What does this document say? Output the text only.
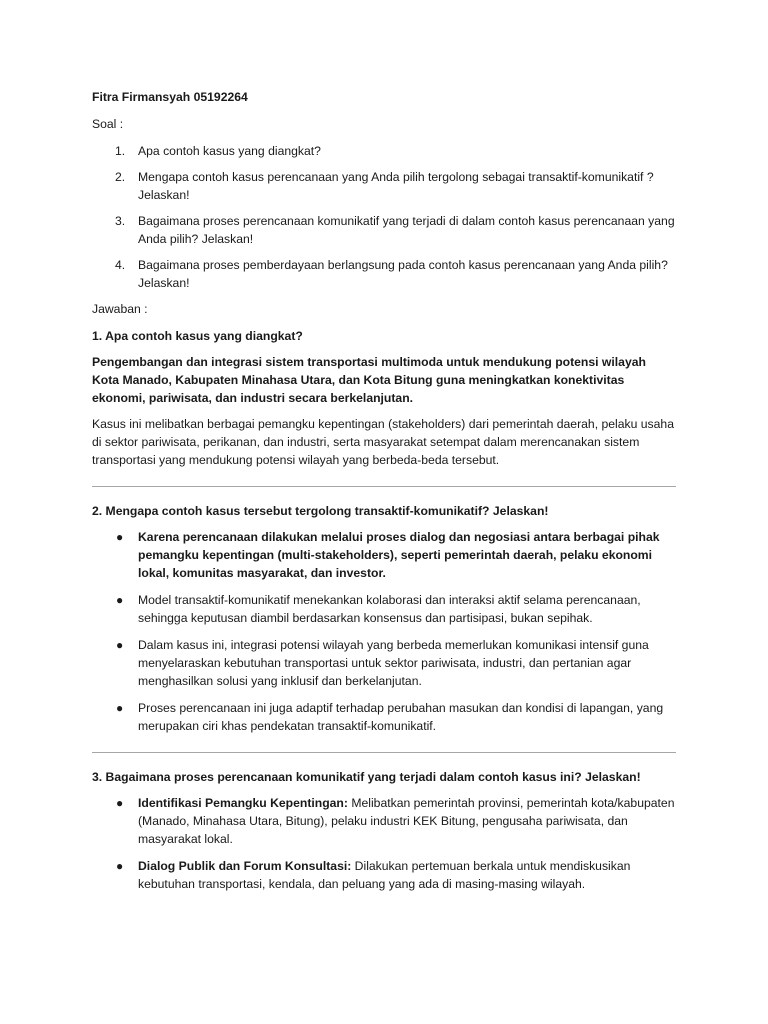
Fitra Firmansyah 05192264

Soal :

1. Apa contoh kasus yang diangkat?
2. Mengapa contoh kasus perencanaan yang Anda pilih tergolong sebagai transaktif-komunikatif ? Jelaskan!
3. Bagaimana proses perencanaan komunikatif yang terjadi di dalam contoh kasus perencanaan yang Anda pilih? Jelaskan!
4. Bagaimana proses pemberdayaan berlangsung pada contoh kasus perencanaan yang Anda pilih? Jelaskan!

Jawaban :

1. Apa contoh kasus yang diangkat?

Pengembangan dan integrasi sistem transportasi multimoda untuk mendukung potensi wilayah Kota Manado, Kabupaten Minahasa Utara, dan Kota Bitung guna meningkatkan konektivitas ekonomi, pariwisata, dan industri secara berkelanjutan.

Kasus ini melibatkan berbagai pemangku kepentingan (stakeholders) dari pemerintah daerah, pelaku usaha di sektor pariwisata, perikanan, dan industri, serta masyarakat setempat dalam merencanakan sistem transportasi yang mendukung potensi wilayah yang berbeda-beda tersebut.

2. Mengapa contoh kasus tersebut tergolong transaktif-komunikatif? Jelaskan!

● Karena perencanaan dilakukan melalui proses dialog dan negosiasi antara berbagai pihak pemangku kepentingan (multi-stakeholders), seperti pemerintah daerah, pelaku ekonomi lokal, komunitas masyarakat, dan investor.
● Model transaktif-komunikatif menekankan kolaborasi dan interaksi aktif selama perencanaan, sehingga keputusan diambil berdasarkan konsensus dan partisipasi, bukan sepihak.
● Dalam kasus ini, integrasi potensi wilayah yang berbeda memerlukan komunikasi intensif guna menyelaraskan kebutuhan transportasi untuk sektor pariwisata, industri, dan pertanian agar menghasilkan solusi yang inklusif dan berkelanjutan.
● Proses perencanaan ini juga adaptif terhadap perubahan masukan dan kondisi di lapangan, yang merupakan ciri khas pendekatan transaktif-komunikatif.

3. Bagaimana proses perencanaan komunikatif yang terjadi dalam contoh kasus ini? Jelaskan!

● Identifikasi Pemangku Kepentingan: Melibatkan pemerintah provinsi, pemerintah kota/kabupaten (Manado, Minahasa Utara, Bitung), pelaku industri KEK Bitung, pengusaha pariwisata, dan masyarakat lokal.
● Dialog Publik dan Forum Konsultasi: Dilakukan pertemuan berkala untuk mendiskusikan kebutuhan transportasi, kendala, dan peluang yang ada di masing-masing wilayah.
